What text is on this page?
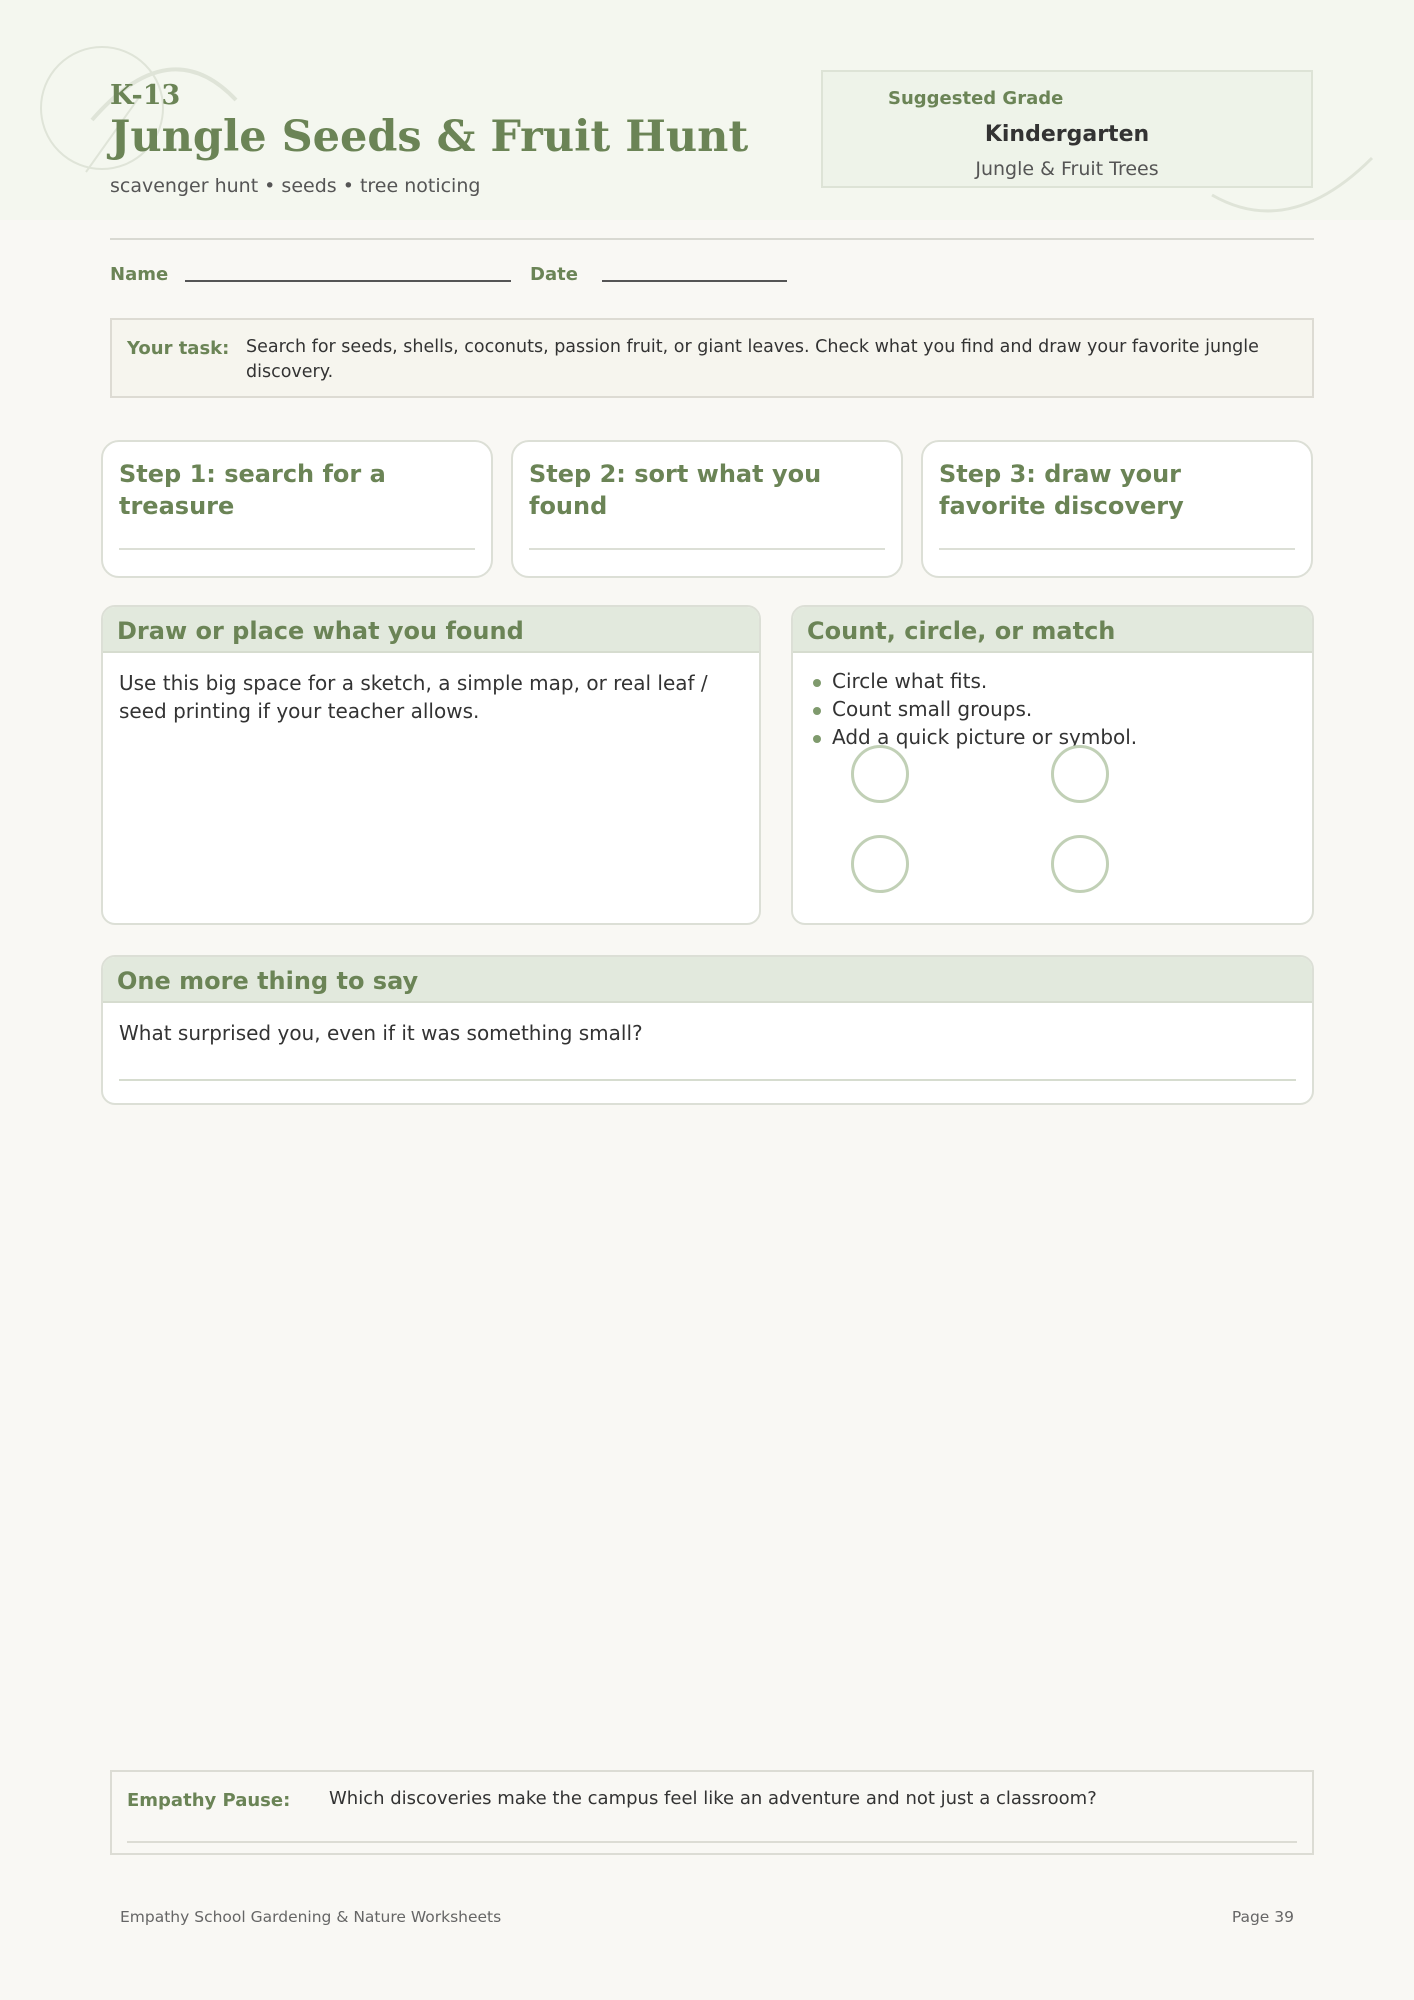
K-13
Jungle Seeds & Fruit Hunt
scavenger hunt • seeds • tree noticing
Suggested Grade
Kindergarten
Jungle & Fruit Trees
Name	Date
Your task: Search for seeds, shells, coconuts, passion fruit, or giant leaves. Check what you find and draw your favorite jungle discovery.
Step 1: search for a treasure
Step 2: sort what you found
Step 3: draw your favorite discovery
Draw or place what you found
Use this big space for a sketch, a simple map, or real leaf / seed printing if your teacher allows.
Count, circle, or match
Circle what fits.
Count small groups.
Add a quick picture or symbol.
One more thing to say
What surprised you, even if it was something small?
Empathy Pause: Which discoveries make the campus feel like an adventure and not just a classroom?
Empathy School Gardening & Nature Worksheets	Page 39
